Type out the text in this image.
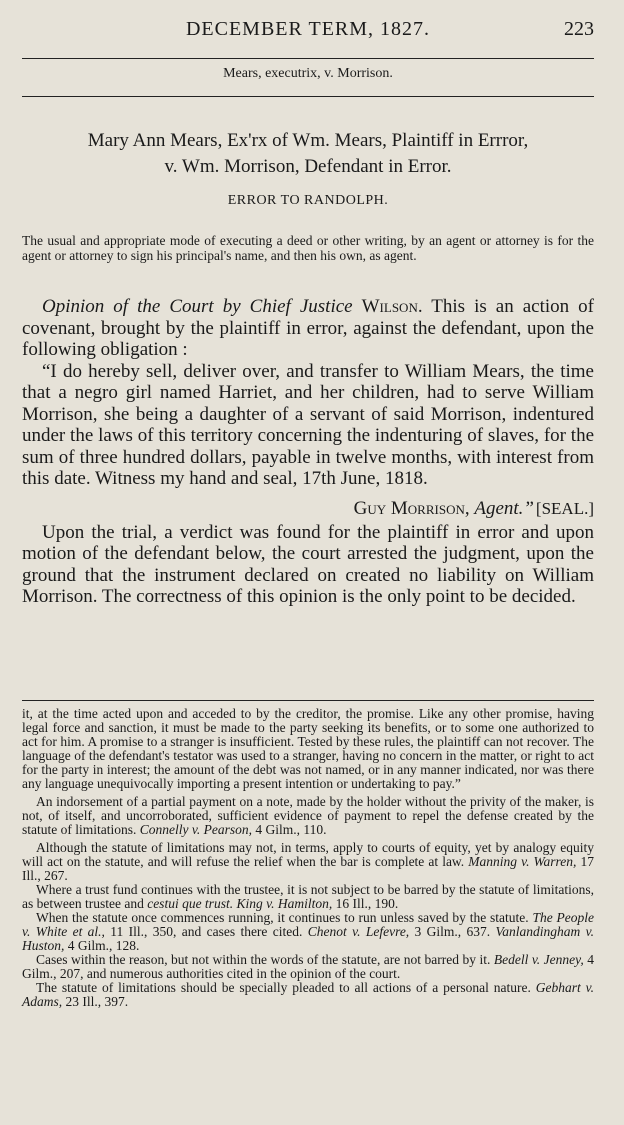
DECEMBER TERM, 1827.	223
Mears, executrix, v. Morrison.
Mary Ann Mears, Ex'rx of Wm. Mears, Plaintiff in Errror,
v. Wm. Morrison, Defendant in Error.
ERROR TO RANDOLPH.
The usual and appropriate mode of executing a deed or other writing, by an agent or attorney is for the agent or attorney to sign his principal's name, and then his own, as agent.

Opinion of the Court by Chief Justice Wilson. This is an action of covenant, brought by the plaintiff in error, against the defendant, upon the following obligation :

“I do hereby sell, deliver over, and transfer to William Mears, the time that a negro girl named Harriet, and her children, had to serve William Morrison, she being a daughter of a servant of said Morrison, indentured under the laws of this territory concerning the indenturing of slaves, for the sum of three hundred dollars, payable in twelve months, with interest from this date. Witness my hand and seal, 17th June, 1818.

Guy Morrison, Agent.” [SEAL.]

Upon the trial, a verdict was found for the plaintiff in error and upon motion of the defendant below, the court arrested the judgment, upon the ground that the instrument declared on created no liability on William Morrison. The correctness of this opinion is the only point to be decided.

it, at the time acted upon and acceded to by the creditor, the promise. Like any other promise, having legal force and sanction, it must be made to the party seeking its benefits, or to some one authorized to act for him. A promise to a stranger is insufficient. Tested by these rules, the plaintiff can not recover. The language of the defendant's testator was used to a stranger, having no concern in the matter, or right to act for the party in interest; the amount of the debt was not named, or in any manner indicated, nor was there any language unequivocally importing a present intention or undertaking to pay.”

An indorsement of a partial payment on a note, made by the holder without the privity of the maker, is not, of itself, and uncorroborated, sufficient evidence of payment to repel the defense created by the statute of limitations. Connelly v. Pearson, 4 Gilm., 110.

Although the statute of limitations may not, in terms, apply to courts of equity, yet by analogy equity will act on the statute, and will refuse the relief when the bar is complete at law. Manning v. Warren, 17 Ill., 267.

Where a trust fund continues with the trustee, it is not subject to be barred by the statute of limitations, as between trustee and cestui que trust. King v. Hamilton, 16 Ill., 190.

When the statute once commences running, it continues to run unless saved by the statute. The People v. White et al., 11 Ill., 350, and cases there cited. Chenot v. Lefevre, 3 Gilm., 637. Vanlandingham v. Huston, 4 Gilm., 128.

Cases within the reason, but not within the words of the statute, are not barred by it. Bedell v. Jenney, 4 Gilm., 207, and numerous authorities cited in the opinion of the court.

The statute of limitations should be specially pleaded to all actions of a personal nature. Gebhart v. Adams, 23 Ill., 397.
